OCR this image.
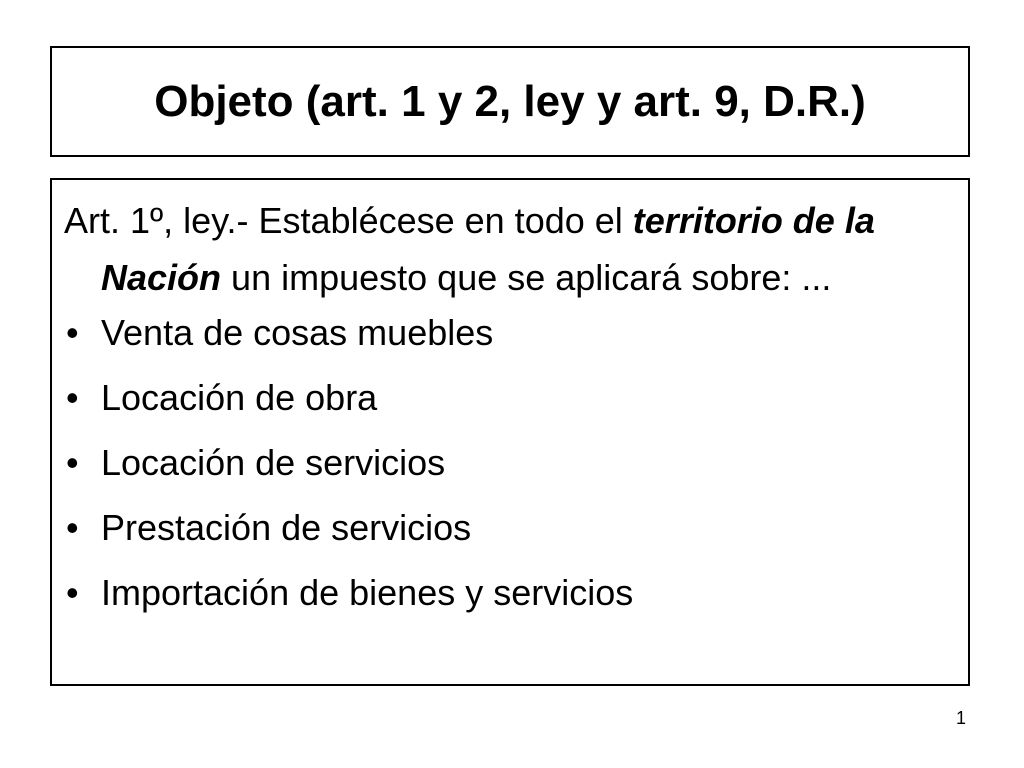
Objeto (art. 1 y 2, ley y art. 9, D.R.)
Art. 1º, ley.- Establécese en todo el territorio de la Nación un impuesto que se aplicará sobre: ...
• Venta de cosas muebles
• Locación de obra
• Locación de servicios
• Prestación de servicios
• Importación de bienes y servicios
1
